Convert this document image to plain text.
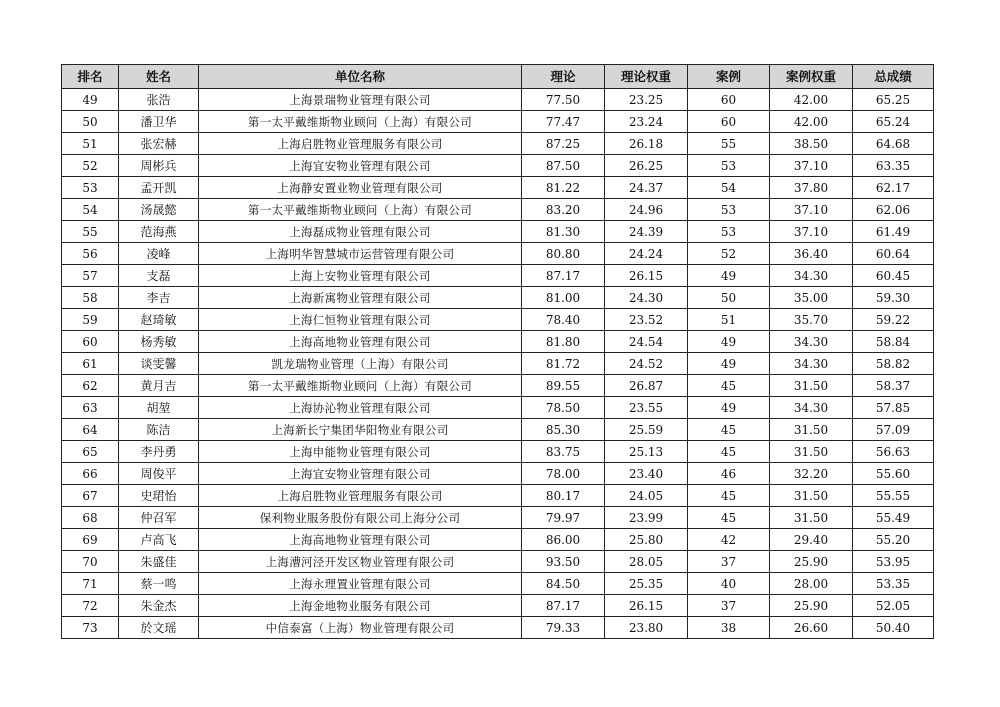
排名	姓名	单位名称	理论	理论权重	案例	案例权重	总成绩
49	张浩	上海景瑞物业管理有限公司	77.50	23.25	60	42.00	65.25
50	潘卫华	第一太平戴维斯物业顾问（上海）有限公司	77.47	23.24	60	42.00	65.24
51	张宏赫	上海启胜物业管理服务有限公司	87.25	26.18	55	38.50	64.68
52	周彬兵	上海宜安物业管理有限公司	87.50	26.25	53	37.10	63.35
53	孟开凯	上海静安置业物业管理有限公司	81.22	24.37	54	37.80	62.17
54	汤晟懿	第一太平戴维斯物业顾问（上海）有限公司	83.20	24.96	53	37.10	62.06
55	范海燕	上海磊成物业管理有限公司	81.30	24.39	53	37.10	61.49
56	凌峰	上海明华智慧城市运营管理有限公司	80.80	24.24	52	36.40	60.64
57	支磊	上海上安物业管理有限公司	87.17	26.15	49	34.30	60.45
58	李吉	上海新寓物业管理有限公司	81.00	24.30	50	35.00	59.30
59	赵琦敏	上海仁恒物业管理有限公司	78.40	23.52	51	35.70	59.22
60	杨秀敏	上海高地物业管理有限公司	81.80	24.54	49	34.30	58.84
61	谈雯馨	凯龙瑞物业管理（上海）有限公司	81.72	24.52	49	34.30	58.82
62	黄月吉	第一太平戴维斯物业顾问（上海）有限公司	89.55	26.87	45	31.50	58.37
63	胡堃	上海协沁物业管理有限公司	78.50	23.55	49	34.30	57.85
64	陈洁	上海新长宁集团华阳物业有限公司	85.30	25.59	45	31.50	57.09
65	李丹勇	上海申能物业管理有限公司	83.75	25.13	45	31.50	56.63
66	周俊平	上海宜安物业管理有限公司	78.00	23.40	46	32.20	55.60
67	史珺怡	上海启胜物业管理服务有限公司	80.17	24.05	45	31.50	55.55
68	仲召军	保利物业服务股份有限公司上海分公司	79.97	23.99	45	31.50	55.49
69	卢高飞	上海高地物业管理有限公司	86.00	25.80	42	29.40	55.20
70	朱盛佳	上海漕河泾开发区物业管理有限公司	93.50	28.05	37	25.90	53.95
71	蔡一鸣	上海永理置业管理有限公司	84.50	25.35	40	28.00	53.35
72	朱金杰	上海金地物业服务有限公司	87.17	26.15	37	25.90	52.05
73	於文瑶	中信泰富（上海）物业管理有限公司	79.33	23.80	38	26.60	50.40
